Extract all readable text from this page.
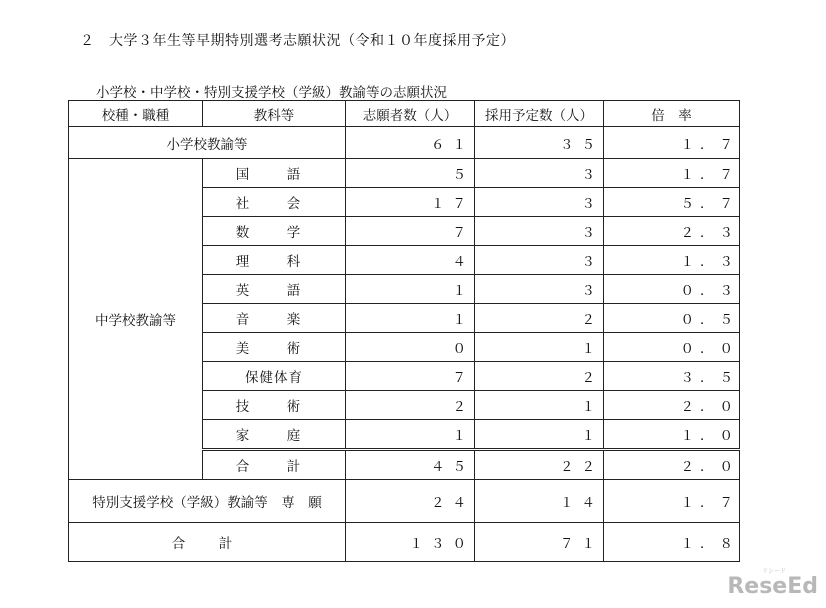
２　大学３年生等早期特別選考志願状況（令和１０年度採用予定）
小学校・中学校・特別支援学校（学級）教諭等の志願状況
校種・職種	教科等	志願者数（人）	採用予定数（人）	倍　率
小学校教諭等		６１	３５	１．７
中学校教諭等	国　語	５	３	１．７
	社　会	１７	３	５．７
	数　学	７	３	２．３
	理　科	４	３	１．３
	英　語	１	３	０．３
	音　楽	１	２	０．５
	美　術	０	１	０．０
	保健体育	７	２	３．５
	技　術	２	１	２．０
	家　庭	１	１	１．０
	合　計	４５	２２	２．０
特別支援学校（学級）教諭等　専　願		２４	１４	１．７
合　計		１３０	７１	１．８
リシード
ReseEd
